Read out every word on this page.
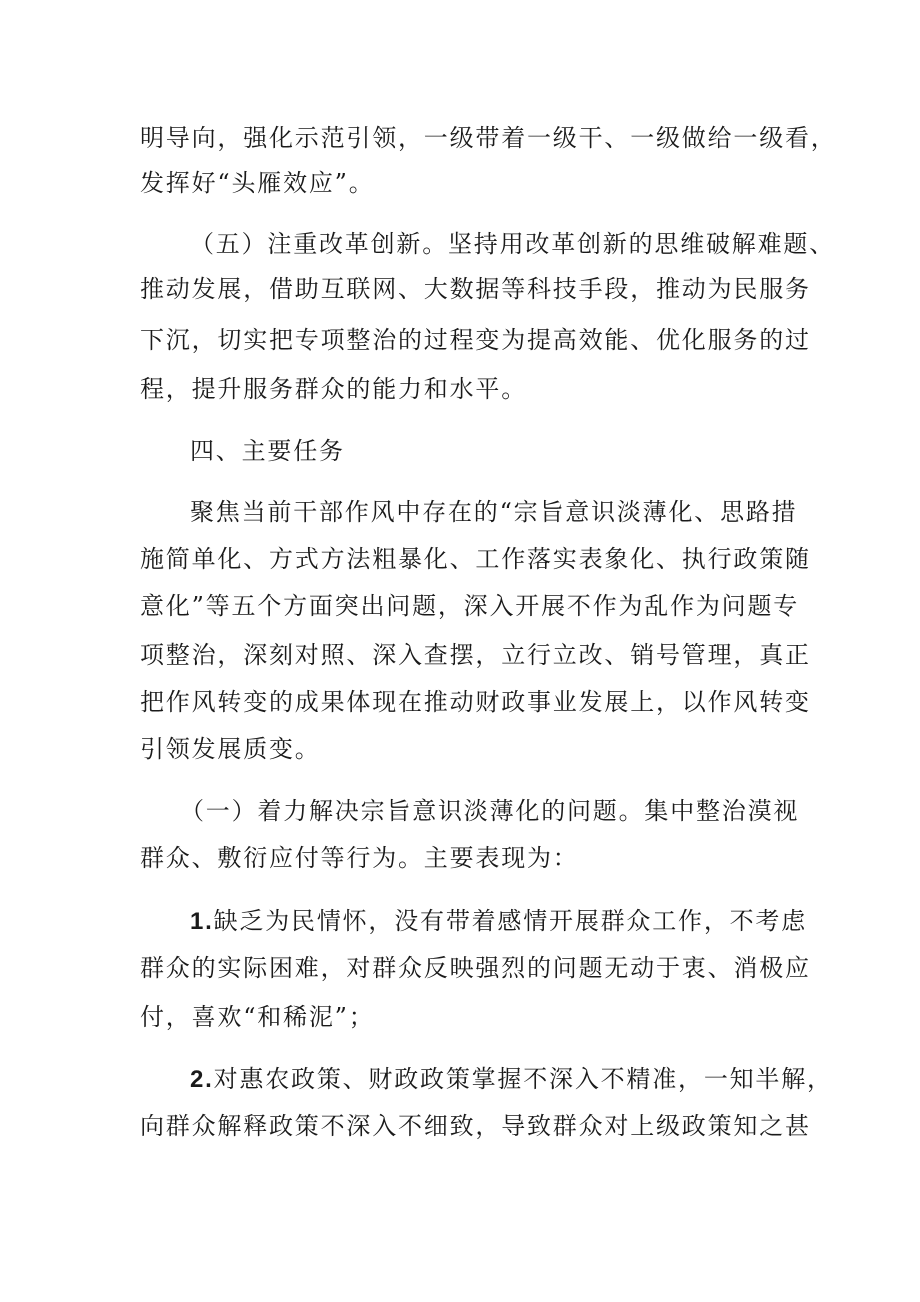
明导向，强化示范引领，一级带着一级干、一级做给一级看，
发挥好“头雁效应”。
（五）注重改革创新。坚持用改革创新的思维破解难题、
推动发展，借助互联网、大数据等科技手段，推动为民服务
下沉，切实把专项整治的过程变为提高效能、优化服务的过
程，提升服务群众的能力和水平。
四、主要任务
聚焦当前干部作风中存在的“宗旨意识淡薄化、思路措
施简单化、方式方法粗暴化、工作落实表象化、执行政策随
意化”等五个方面突出问题，深入开展不作为乱作为问题专
项整治，深刻对照、深入查摆，立行立改、销号管理，真正
把作风转变的成果体现在推动财政事业发展上，以作风转变
引领发展质变。
（一）着力解决宗旨意识淡薄化的问题。集中整治漠视
群众、敷衍应付等行为。主要表现为：
1.缺乏为民情怀，没有带着感情开展群众工作，不考虑
群众的实际困难，对群众反映强烈的问题无动于衷、消极应
付，喜欢“和稀泥”；
2.对惠农政策、财政政策掌握不深入不精准，一知半解，
向群众解释政策不深入不细致，导致群众对上级政策知之甚
